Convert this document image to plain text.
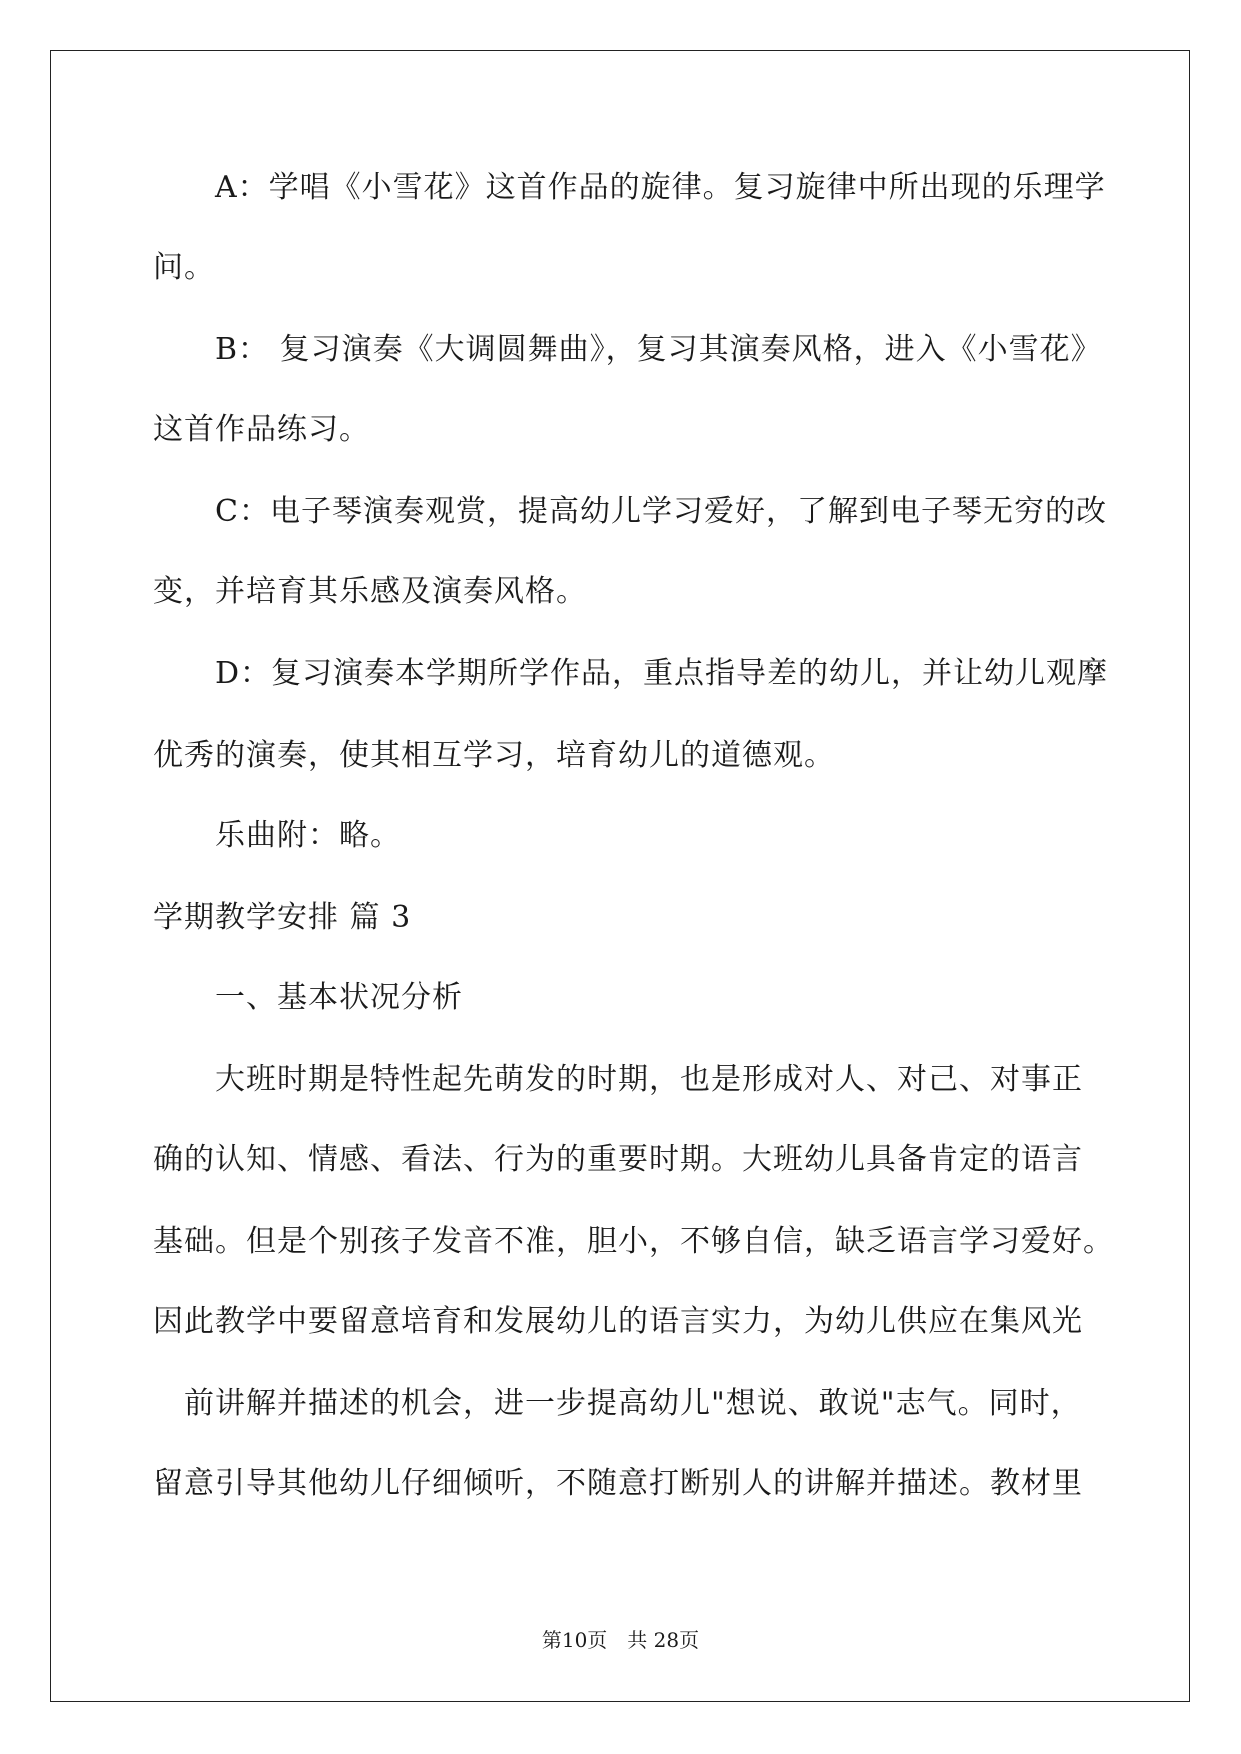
　　A：学唱《小雪花》这首作品的旋律。复习旋律中所出现的乐理学
问。
　　B： 复习演奏《大调圆舞曲》，复习其演奏风格，进入《小雪花》
这首作品练习。
　　C：电子琴演奏观赏，提高幼儿学习爱好，了解到电子琴无穷的改
变，并培育其乐感及演奏风格。
　　D：复习演奏本学期所学作品，重点指导差的幼儿，并让幼儿观摩
优秀的演奏，使其相互学习，培育幼儿的道德观。
　　乐曲附：略。
学期教学安排 篇 3
　　一、基本状况分析
　　大班时期是特性起先萌发的时期，也是形成对人、对己、对事正
确的认知、情感、看法、行为的重要时期。大班幼儿具备肯定的语言
基础。但是个别孩子发音不准，胆小，不够自信，缺乏语言学习爱好。
因此教学中要留意培育和发展幼儿的语言实力，为幼儿供应在集风光
　前讲解并描述的机会，进一步提高幼儿"想说、敢说"志气。同时，
留意引导其他幼儿仔细倾听，不随意打断别人的讲解并描述。教材里
第10页　共 28页
